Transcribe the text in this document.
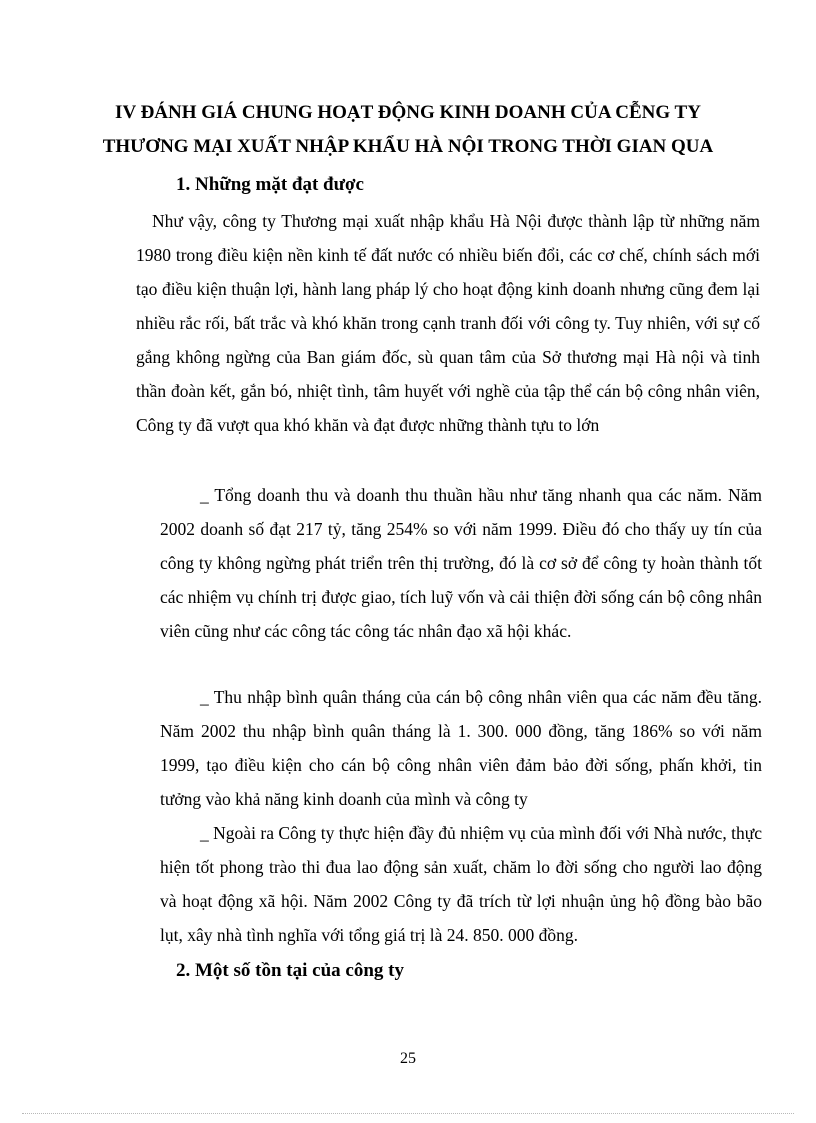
IV ĐÁNH GIÁ CHUNG HOẠT ĐỘNG KINH DOANH CỦA CỄNG TY
THƯƠNG MẠI XUẤT NHẬP KHẨU HÀ NỘI TRONG THỜI GIAN QUA
1. Những mặt đạt được

Như vậy, công ty Thương mại xuất nhập khẩu Hà Nội được thành lập từ những năm 1980 trong điều kiện nền kinh tế đất nước có nhiều biến đổi, các cơ chế, chính sách mới tạo điều kiện thuận lợi, hành lang pháp lý cho hoạt động kinh doanh nhưng cũng đem lại nhiều rắc rối, bất trắc và khó khăn trong cạnh tranh đối với công ty. Tuy nhiên, với sự cố gắng không ngừng của Ban giám đốc, sù quan tâm của Sở thương mại Hà nội và tinh thần đoàn kết, gắn bó, nhiệt tình, tâm huyết với nghề của tập thể cán bộ công nhân viên, Công ty đã vượt qua khó khăn và đạt được những thành tựu to lớn

_ Tổng doanh thu và doanh thu thuần hầu như tăng nhanh qua các năm. Năm 2002 doanh số đạt 217 tỷ, tăng 254% so với năm 1999. Điều đó cho thấy uy tín của công ty không ngừng phát triển trên thị trường, đó là cơ sở để công ty hoàn thành tốt các nhiệm vụ chính trị được giao, tích luỹ vốn và cải thiện đời sống cán bộ công nhân viên cũng như các công tác công tác nhân đạo xã hội khác.

_ Thu nhập bình quân tháng của cán bộ công nhân viên qua các năm đều tăng. Năm 2002 thu nhập bình quân tháng là 1. 300. 000 đồng, tăng 186% so với năm 1999, tạo điều kiện cho cán bộ công nhân viên đảm bảo đời sống, phấn khởi, tin tưởng vào khả năng kinh doanh của mình và công ty

_ Ngoài ra Công ty thực hiện đầy đủ nhiệm vụ của mình đối với Nhà nước, thực hiện tốt phong trào thi đua lao động sản xuất, chăm lo đời sống cho người lao động và hoạt động xã hội. Năm 2002 Công ty đã trích từ lợi nhuận ủng hộ đồng bào bão lụt, xây nhà tình nghĩa với tổng giá trị là 24. 850. 000 đồng.

2. Một số tồn tại của công ty
25
